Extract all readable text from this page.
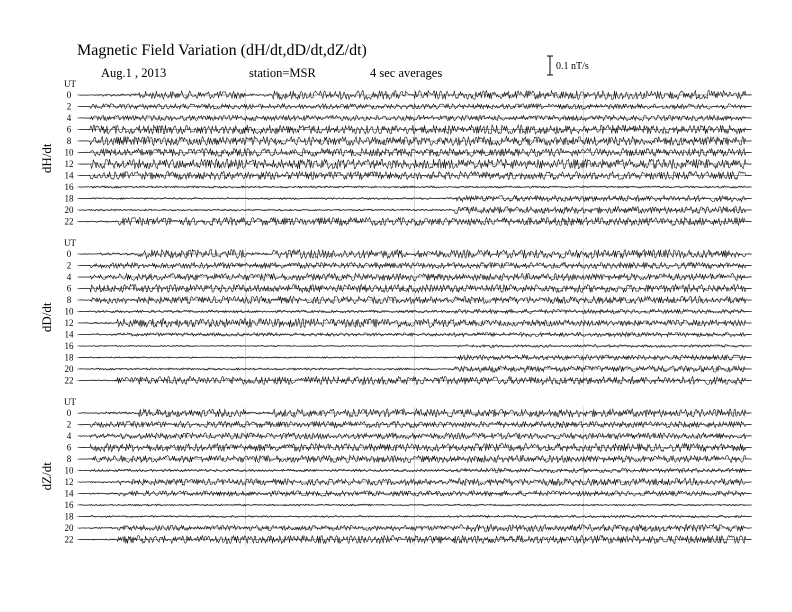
Magnetic Field Variation (dH/dt,dD/dt,dZ/dt)
Aug.1 , 2013	station=MSR	4 sec averages	0.1 nT/s
UT
dH/dt
0
2
4
6
8
10
12
14
16
18
20
22
UT
dD/dt
0
2
4
6
8
10
12
14
16
18
20
22
UT
dZ/dt
0
2
4
6
8
10
12
14
16
18
20
22
